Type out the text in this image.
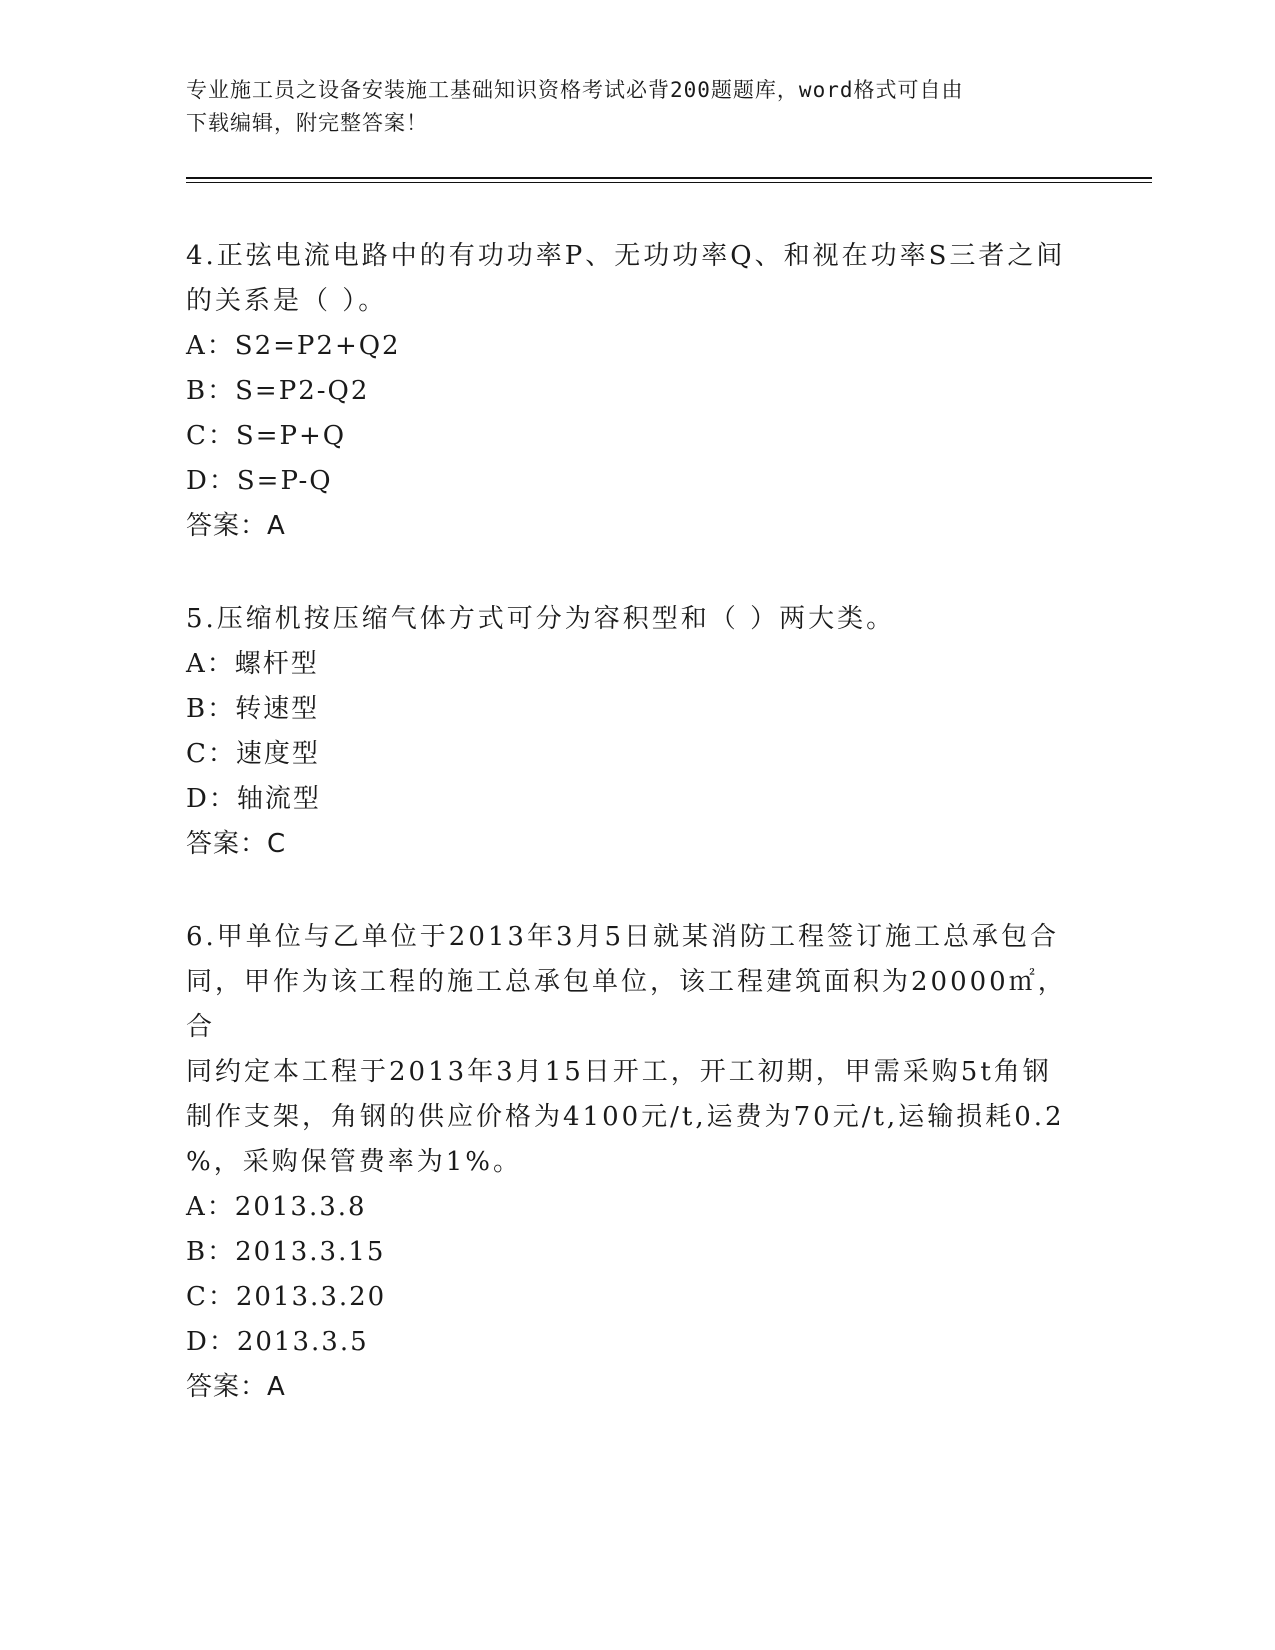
专业施工员之设备安装施工基础知识资格考试必背200题题库，word格式可自由
下载编辑，附完整答案！

4.正弦电流电路中的有功功率P、无功功率Q、和视在功率S三者之间

的关系是（ ）。

A：S2=P2+Q2

B：S=P2-Q2

C：S=P+Q

D：S=P-Q

答案：A

5.压缩机按压缩气体方式可分为容积型和（ ）两大类。

A：螺杆型

B：转速型

C：速度型

D：轴流型

答案：C

6.甲单位与乙单位于2013年3月5日就某消防工程签订施工总承包合

同，甲作为该工程的施工总承包单位，该工程建筑面积为20000㎡，合

同约定本工程于2013年3月15日开工，开工初期，甲需采购5t角钢

制作支架，角钢的供应价格为4100元/t,运费为70元/t,运输损耗0.2

%，采购保管费率为1%。

A：2013.3.8

B：2013.3.15

C：2013.3.20

D：2013.3.5

答案：A
